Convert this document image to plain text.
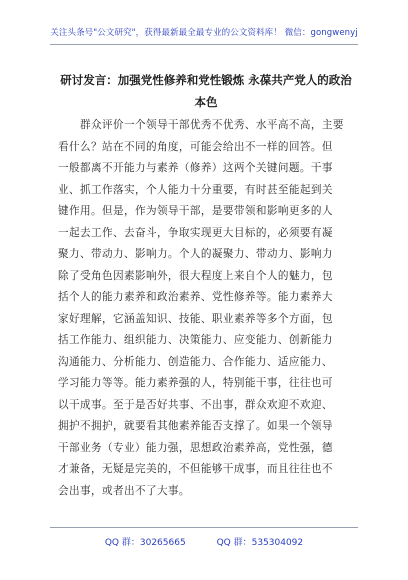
关注头条号"公文研究"，获得最新最全最专业的公文资料库！ 微信：gongwenyj
研讨发言：加强党性修养和党性锻炼 永葆共产党人的政治
本色
　　群众评价一个领导干部优秀不优秀、水平高不高，主要
看什么？站在不同的角度，可能会给出不一样的回答。但
一般都离不开能力与素养（修养）这两个关键问题。干事
业、抓工作落实，个人能力十分重要，有时甚至能起到关
键作用。但是，作为领导干部，是要带领和影响更多的人
一起去工作、去奋斗，争取实现更大目标的，必须要有凝
聚力、带动力、影响力。个人的凝聚力、带动力、影响力
除了受角色因素影响外，很大程度上来自个人的魅力，包
括个人的能力素养和政治素养、党性修养等。能力素养大
家好理解，它涵盖知识、技能、职业素养等多个方面，包
括工作能力、组织能力、决策能力、应变能力、创新能力
沟通能力、分析能力、创造能力、合作能力、适应能力、
学习能力等等。能力素养强的人，特别能干事，往往也可
以干成事。至于是否好共事、不出事，群众欢迎不欢迎、
拥护不拥护，就要看其他素养能否支撑了。如果一个领导
干部业务（专业）能力强，思想政治素养高，党性强，德
才兼备，无疑是完美的，不但能够干成事，而且往往也不
会出事，或者出不了大事。
QQ 群：30265665	QQ 群：535304092
